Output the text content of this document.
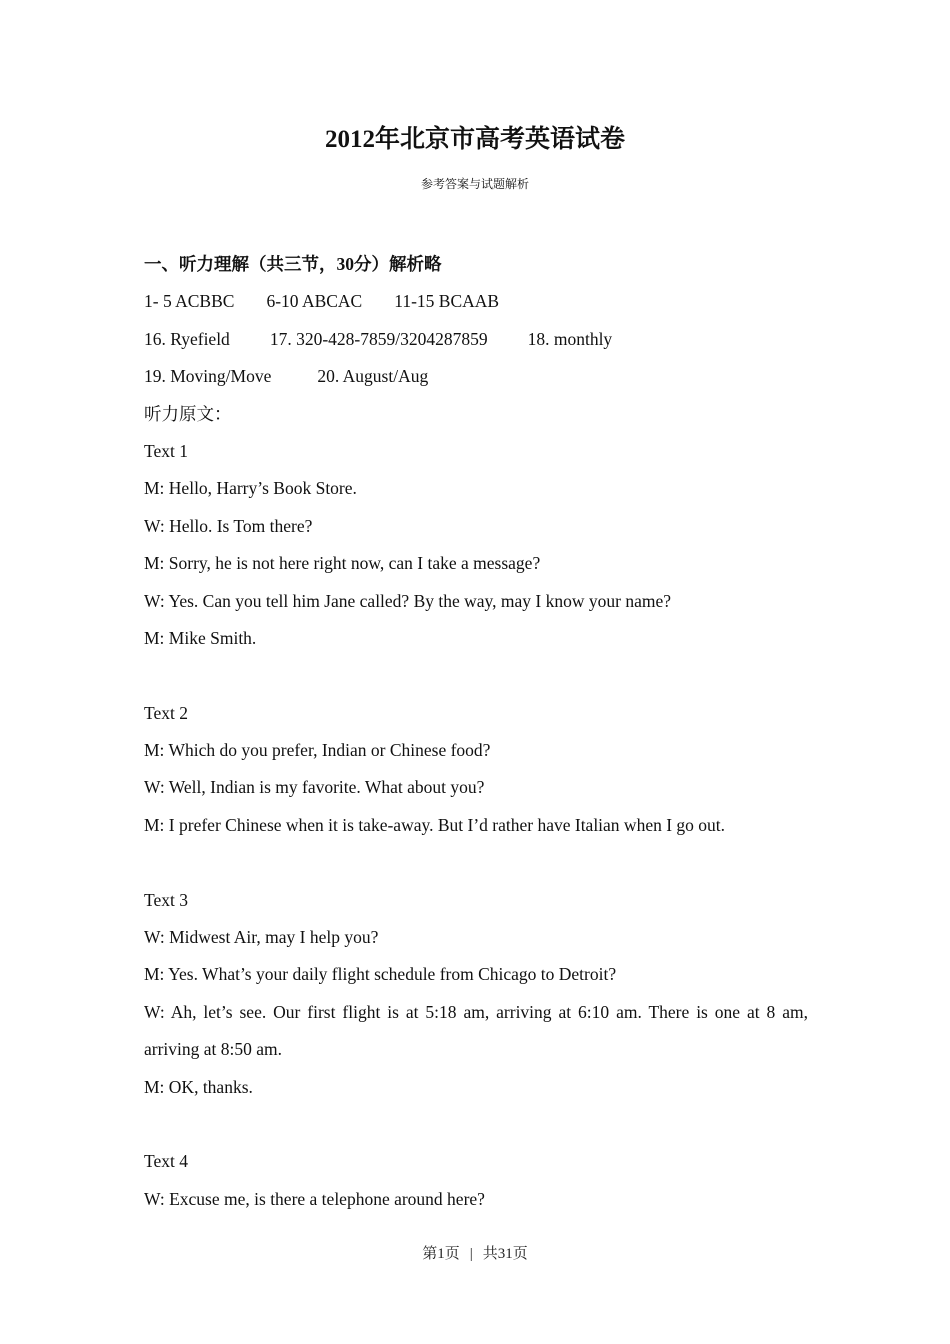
2012年北京市高考英语试卷
参考答案与试题解析
一、听力理解（共三节，30分）解析略
1- 5 ACBBC 6-10 ABCAC 11-15 BCAAB
16. Ryefield 17. 320-428-7859/3204287859 18. monthly
19. Moving/Move	20. August/Aug
听力原文：
Text 1
M: Hello, Harry’s Book Store.
W: Hello. Is Tom there?
M: Sorry, he is not here right now, can I take a message?
W: Yes. Can you tell him Jane called? By the way, may I know your name?
M: Mike Smith.
Text 2
M: Which do you prefer, Indian or Chinese food?
W: Well, Indian is my favorite. What about you?
M: I prefer Chinese when it is take-away. But I’d rather have Italian when I go out.
Text 3
W: Midwest Air, may I help you?
M: Yes. What’s your daily flight schedule from Chicago to Detroit?
W: Ah, let’s see. Our first flight is at 5:18 am, arriving at 6:10 am. There is one at 8 am, arriving at 8:50 am.
M: OK, thanks.
Text 4
W: Excuse me, is there a telephone around here?
第1页 | 共31页
